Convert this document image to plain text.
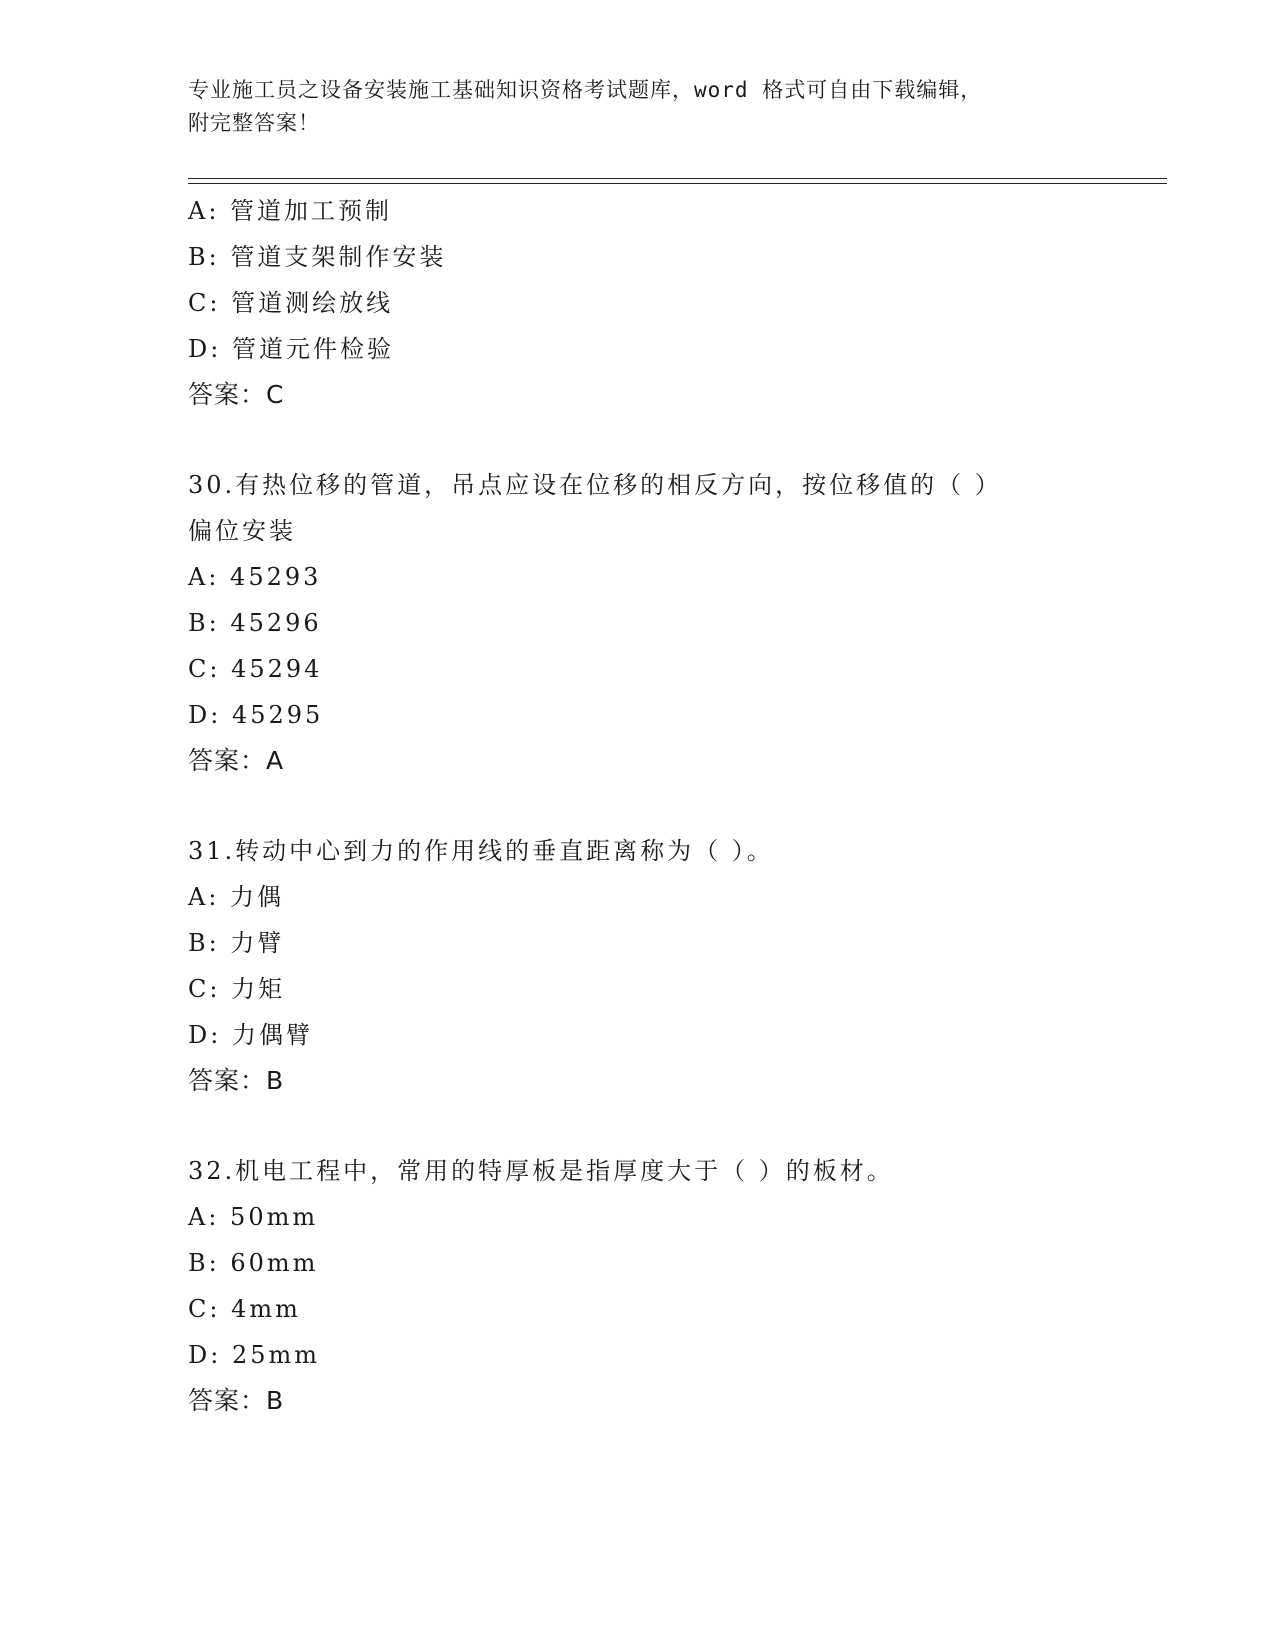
专业施工员之设备安装施工基础知识资格考试题库，word 格式可自由下载编辑，
附完整答案！
A: 管道加工预制
B: 管道支架制作安装
C: 管道测绘放线
D: 管道元件检验
答案：C
30.有热位移的管道，吊点应设在位移的相反方向，按位移值的（ ）
偏位安装
A: 45293
B: 45296
C: 45294
D: 45295
答案：A
31.转动中心到力的作用线的垂直距离称为（ ）。
A: 力偶
B: 力臂
C: 力矩
D: 力偶臂
答案：B
32.机电工程中，常用的特厚板是指厚度大于（ ）的板材。
A: 50mm
B: 60mm
C: 4mm
D: 25mm
答案：B
